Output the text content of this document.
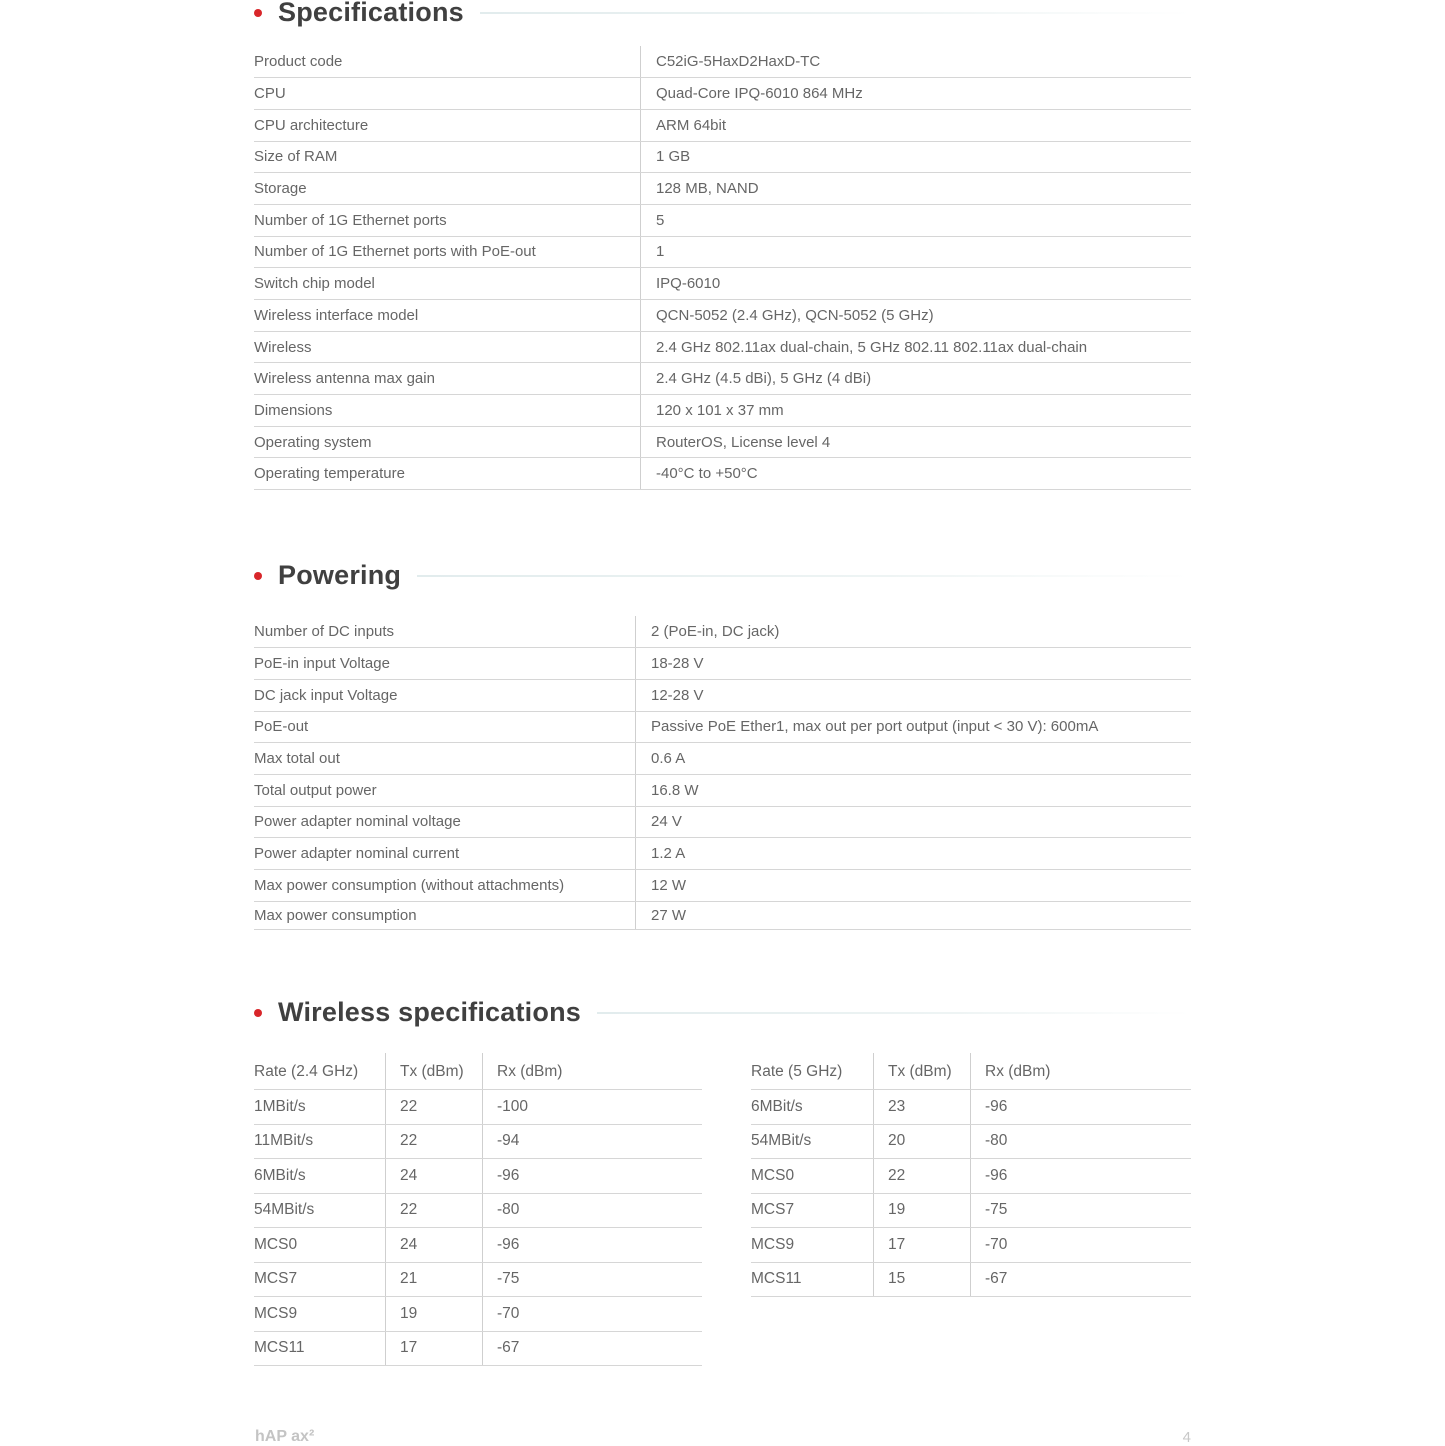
Specifications
Product code	C52iG-5HaxD2HaxD-TC
CPU	Quad-Core IPQ-6010 864 MHz
CPU architecture	ARM 64bit
Size of RAM	1 GB
Storage	128 MB, NAND
Number of 1G Ethernet ports	5
Number of 1G Ethernet ports with PoE-out	1
Switch chip model	IPQ-6010
Wireless interface model	QCN-5052 (2.4 GHz), QCN-5052 (5 GHz)
Wireless	2.4 GHz 802.11ax dual-chain, 5 GHz 802.11 802.11ax dual-chain
Wireless antenna max gain	2.4 GHz (4.5 dBi), 5 GHz (4 dBi)
Dimensions	120 x 101 x 37 mm
Operating system	RouterOS, License level 4
Operating temperature	-40°C to +50°C
Powering
Number of DC inputs	2 (PoE-in, DC jack)
PoE-in input Voltage	18-28 V
DC jack input Voltage	12-28 V
PoE-out	Passive PoE Ether1, max out per port output (input < 30 V): 600mA
Max total out	0.6 A
Total output power	16.8 W
Power adapter nominal voltage	24 V
Power adapter nominal current	1.2 A
Max power consumption (without attachments)	12 W
Max power consumption	27 W
Wireless specifications
Rate (2.4 GHz)	Tx (dBm)	Rx (dBm)
1MBit/s	22	-100
11MBit/s	22	-94
6MBit/s	24	-96
54MBit/s	22	-80
MCS0	24	-96
MCS7	21	-75
MCS9	19	-70
MCS11	17	-67
Rate (5 GHz)	Tx (dBm)	Rx (dBm)
6MBit/s	23	-96
54MBit/s	20	-80
MCS0	22	-96
MCS7	19	-75
MCS9	17	-70
MCS11	15	-67
hAP ax²	4
